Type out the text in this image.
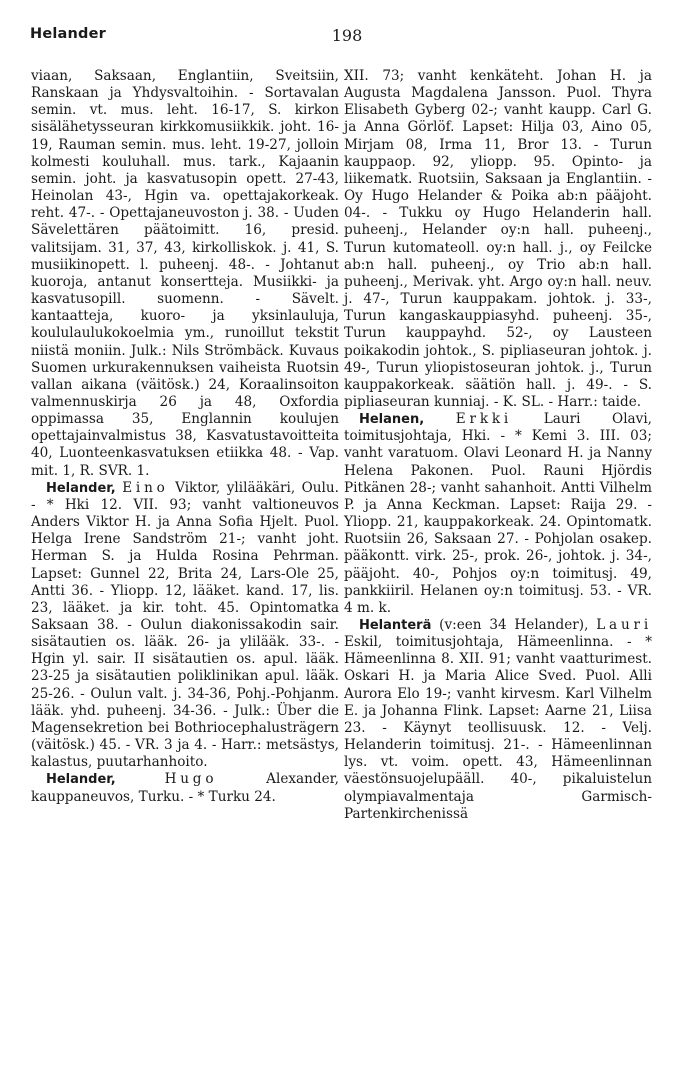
Helander	198

viaan, Saksaan, Englantiin, Sveitsiin, Ranskaan ja Yhdysvaltoihin. - Sortavalan semin. vt. mus. leht. 16-17, S. kirkon sisälähetysseuran kirkkomusiikkik. joht. 16-19, Rauman semin. mus. leht. 19-27, jolloin kolmesti kouluhall. mus. tark., Kajaanin semin. joht. ja kasvatusopin opett. 27-43, Heinolan 43-, Hgin va. opettajakorkeak. reht. 47-. - Opettajaneuvoston j. 38. - Uuden Sävelettären päätoimitt. 16, presid. valitsijam. 31, 37, 43, kirkolliskok. j. 41, S. musiikinopett. l. puheenj. 48-. - Johtanut kuoroja, antanut konsertteja. Musiikki- ja kasvatusopill. suomenn. - Sävelt. kantaatteja, kuoro- ja yksinlauluja, koululaulukokoelmia ym., runoillut tekstit niistä moniin. Julk.: Nils Strömbäck. Kuvaus Suomen urkurakennuksen vaiheista Ruotsin vallan aikana (väitösk.) 24, Koraalinsoiton valmennuskirja 26 ja 48, Oxfordia oppimassa 35, Englannin koulujen opettajainvalmistus 38, Kasvatustavoitteita 40, Luonteenkasvatuksen etiikka 48. - Vap. mit. 1, R. SVR. 1.

Helander, Eino Viktor, ylilääkäri, Oulu. - * Hki 12. VII. 93; vanht valtioneuvos Anders Viktor H. ja Anna Sofia Hjelt. Puol. Helga Irene Sandström 21-; vanht joht. Herman S. ja Hulda Rosina Pehrman. Lapset: Gunnel 22, Brita 24, Lars-Ole 25, Antti 36. - Yliopp. 12, lääket. kand. 17, lis. 23, lääket. ja kir. toht. 45. Opintomatka Saksaan 38. - Oulun diakonissakodin sair. sisätautien os. lääk. 26- ja ylilääk. 33-. - Hgin yl. sair. II sisätautien os. apul. lääk. 23-25 ja sisätautien poliklinikan apul. lääk. 25-26. - Oulun valt. j. 34-36, Pohj.-Pohjanm. lääk. yhd. puheenj. 34-36. - Julk.: Über die Magensekretion bei Bothriocephalusträgern (väitösk.) 45. - VR. 3 ja 4. - Harr.: metsästys, kalastus, puutarhanhoito.

Helander,	Hugo Alexander, kauppaneuvos, Turku. - * Turku 24.

XII. 73; vanht kenkäteht. Johan H. ja Augusta Magdalena Jansson. Puol. Thyra Elisabeth Gyberg 02-; vanht kaupp. Carl G. ja Anna Görlöf. Lapset: Hilja 03, Aino 05, Mirjam 08, Irma 11, Bror 13. - Turun kauppaop. 92, yliopp. 95. Opinto- ja liikematk. Ruotsiin, Saksaan ja Englantiin. - Oy Hugo Helander & Poika ab:n pääjoht. 04-. - Tukku oy Hugo Helanderin hall. puheenj., Helander oy:n hall. puheenj., Turun kutomateoll. oy:n hall. j., oy Feilcke ab:n hall. puheenj., oy Trio ab:n hall. puheenj., Merivak. yht. Argo oy:n hall. neuv. j. 47-, Turun kauppakam. johtok. j. 33-, Turun kangaskauppiasyhd. puheenj. 35-, Turun kauppayhd. 52-, oy Lausteen poikakodin johtok., S. pipliaseuran johtok. j. 49-, Turun yliopistoseuran johtok. j., Turun kauppakorkeak. säätiön hall. j. 49-. - S. pipliaseuran kunniaj. - K. SL. - Harr.: taide.

Helanen, Erkki Lauri Olavi, toimitusjohtaja, Hki. - * Kemi 3. III. 03; vanht varatuom. Olavi Leonard H. ja Nanny Helena Pakonen. Puol. Rauni Hjördis Pitkänen 28-; vanht sahanhoit. Antti Vilhelm P. ja Anna Keckman. Lapset: Raija 29. - Yliopp. 21, kauppakorkeak. 24. Opintomatk. Ruotsiin 26, Saksaan 27. - Pohjolan osakep. pääkontt. virk. 25-, prok. 26-, johtok. j. 34-, pääjoht. 40-, Pohjos oy:n toimitusj. 49, pankkiiril. Helanen oy:n toimitusj. 53. - VR. 4 m. k.

Helanterä (v:een 34 Helander), Lauri Eskil, toimitusjohtaja, Hämeenlinna. - * Hämeenlinna 8. XII. 91; vanht vaatturimest. Oskari H. ja Maria Alice Sved. Puol. Alli Aurora Elo 19-; vanht kirvesm. Karl Vilhelm E. ja Johanna Flink. Lapset: Aarne 21, Liisa 23. - Käynyt teollisuusk. 12. - Velj. Helanderin toimitusj. 21-. - Hämeenlinnan lys. vt. voim. opett. 43, Hämeenlinnan väestönsuojelupääll. 40-, pikaluistelun olympiavalmentaja Garmisch-Partenkirchenissä
